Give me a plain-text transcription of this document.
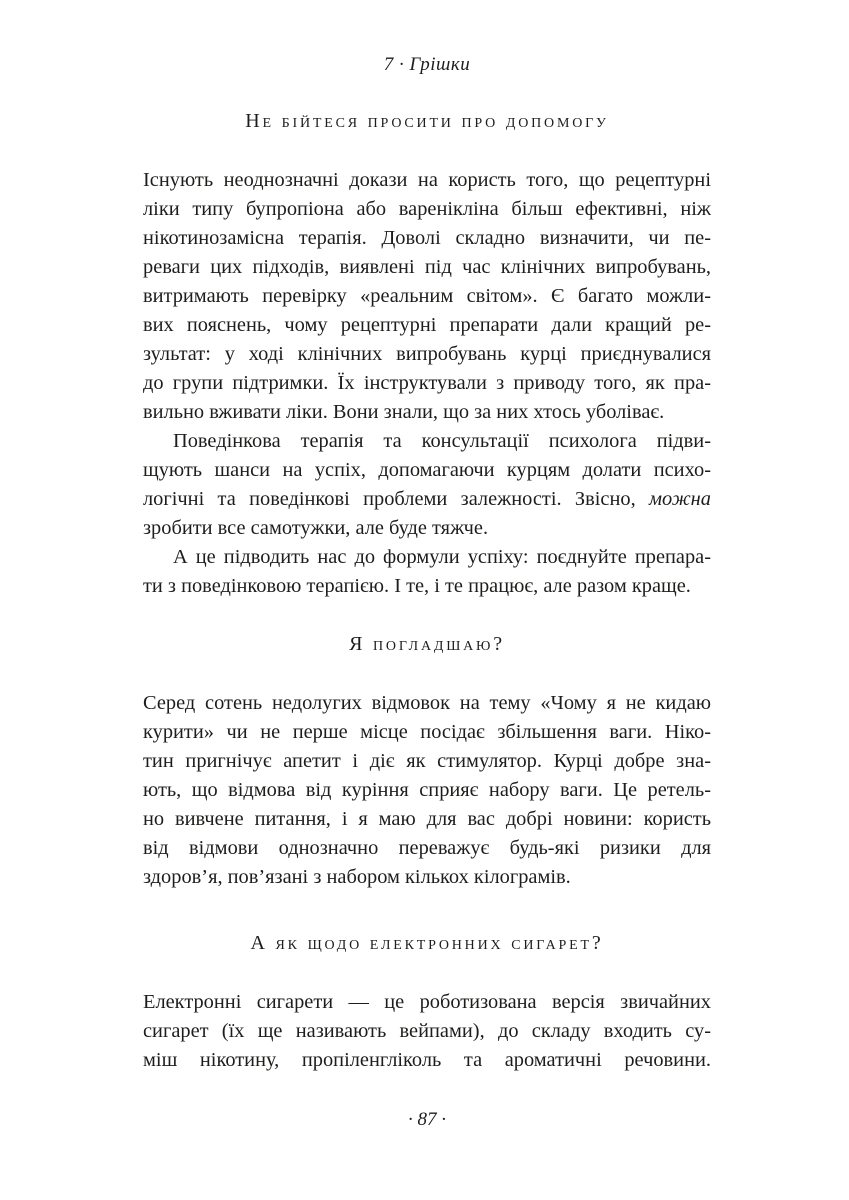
7 · Грішки
Не бійтеся просити про допомогу

Існують неоднозначні докази на користь того, що рецептурні
ліки типу бупропіона або варенікліна більш ефективні, ніж
нікотинозамісна терапія. Доволі складно визначити, чи пе-
реваги цих підходів, виявлені під час клінічних випробувань,
витримають перевірку «реальним світом». Є багато можли-
вих пояснень, чому рецептурні препарати дали кращий ре-
зультат: у ході клінічних випробувань курці приєднувалися
до групи підтримки. Їх інструктували з приводу того, як пра-
вильно вживати ліки. Вони знали, що за них хтось уболіває.

Поведінкова терапія та консультації психолога підви-
щують шанси на успіх, допомагаючи курцям долати психо-
логічні та поведінкові проблеми залежності. Звісно, можна
зробити все самотужки, але буде тяжче.

А це підводить нас до формули успіху: поєднуйте препара-
ти з поведінковою терапією. І те, і те працює, але разом краще.

Я погладшаю?

Серед сотень недолугих відмовок на тему «Чому я не кидаю
курити» чи не перше місце посідає збільшення ваги. Ніко-
тин пригнічує апетит і діє як стимулятор. Курці добре зна-
ють, що відмова від куріння сприяє набору ваги. Це ретель-
но вивчене питання, і я маю для вас добрі новини: користь
від відмови однозначно переважує будь-які ризики для
здоров’я, пов’язані з набором кількох кілограмів.

А як щодо електронних сигарет?

Електронні сигарети — це роботизована версія звичайних
сигарет (їх ще називають вейпами), до складу входить су-
міш нікотину, пропіленгліколь та ароматичні речовини.

· 87 ·
